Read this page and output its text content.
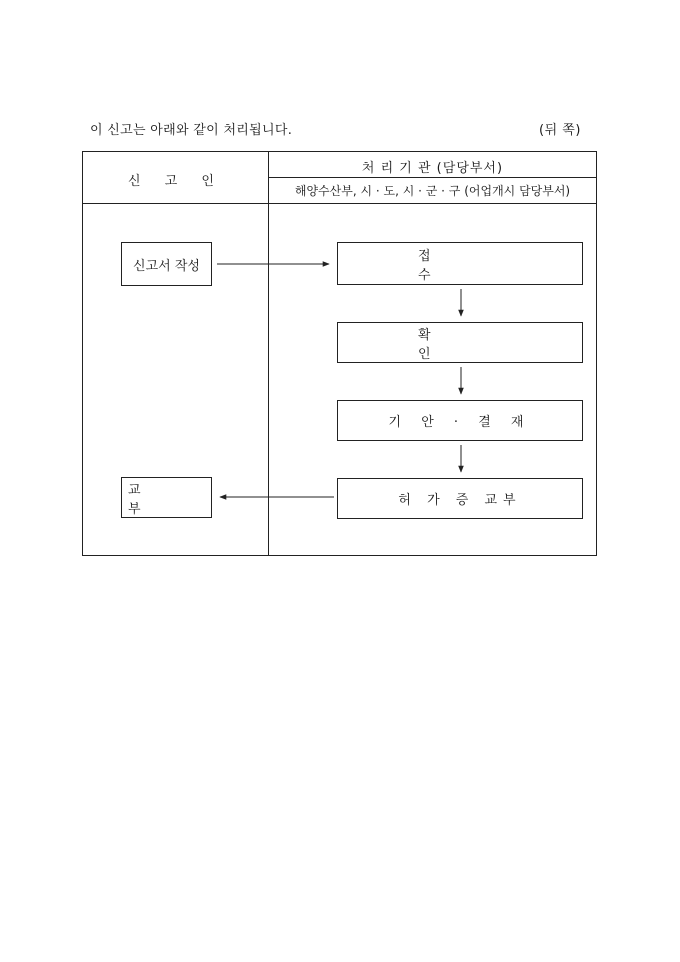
이 신고는 아래와 같이 처리됩니다.	(뒤 쪽)
신 고 인
처 리 기 관 (담당부서)
해양수산부, 시 · 도, 시 · 군 · 구 (어업개시 담당부서)
신고서 작성
교 부
접 수
확 인
기 안 · 결 재
허 가 증 교부
